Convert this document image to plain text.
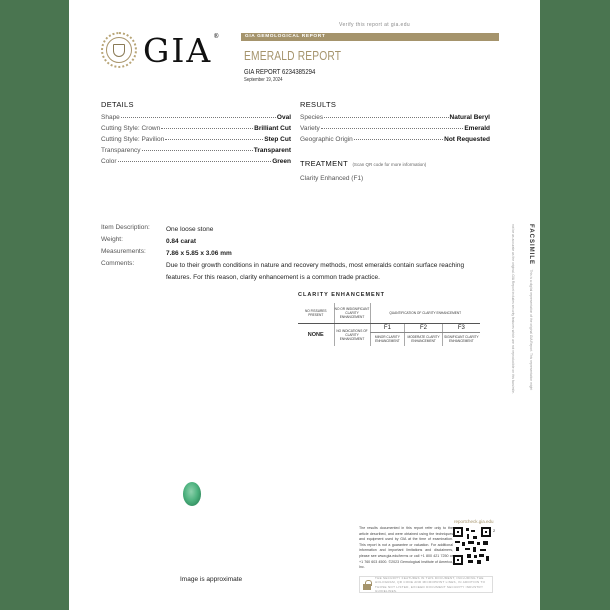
GIA®
Verify this report at gia.edu
GIA GEMOLOGICAL REPORT
EMERALD REPORT
GIA REPORT 6234385294
September 19, 2024
DETAILS
Shape	Oval
Cutting Style: Crown	Brilliant Cut
Cutting Style: Pavilion	Step Cut
Transparency	Transparent
Color	Green
RESULTS
Species	Natural Beryl
Variety	Emerald
Geographic Origin	Not Requested
TREATMENT (Scan QR code for more information)
Clarity Enhanced (F1)
Item Description:	One loose stone
Weight:	0.84 carat
Measurements:	7.86 x 5.85 x 3.06 mm
Comments:	Due to their growth conditions in nature and recovery methods, most emeralds contain surface reaching features. For this reason, clarity enhancement is a common trade practice.
CLARITY ENHANCEMENT
NO FISSURES PRESENT	NO OR INSIGNIFICANT CLARITY ENHANCEMENT	QUANTIFICATION OF CLARITY ENHANCEMENT		
NONE	NO INDICATIONS OF CLARITY ENHANCEMENT	F1	F2	F3
		MINOR CLARITY ENHANCEMENT	MODERATE CLARITY ENHANCEMENT	SIGNIFICANT CLARITY ENHANCEMENT
FACSIMILE This is a digital representation of the original GIA Report. This representation might not be as accurate as the original. GIA Report includes security features which are not reproducible on this facsimile.
Image is approximate
The results documented in this report refer only to the article described, and were obtained using the techniques and equipment used by GIA at the time of examination. This report is not a guarantee or valuation. For additional information and important limitations and disclaimers, please see www.gia.edu/terms or call +1 800 421 7250 or +1 760 603 4500. ©2023 Gemological Institute of America, Inc.
reportcheck.gia.edu
2
THE SECURITY FEATURES IN THIS DOCUMENT, INCLUDING THE HOLOGRAM, QR CODE AND MICROPRINT LINES, IN ADDITION TO THOSE NOT LISTED, EXCEED DOCUMENT SECURITY INDUSTRY GUIDELINES.
